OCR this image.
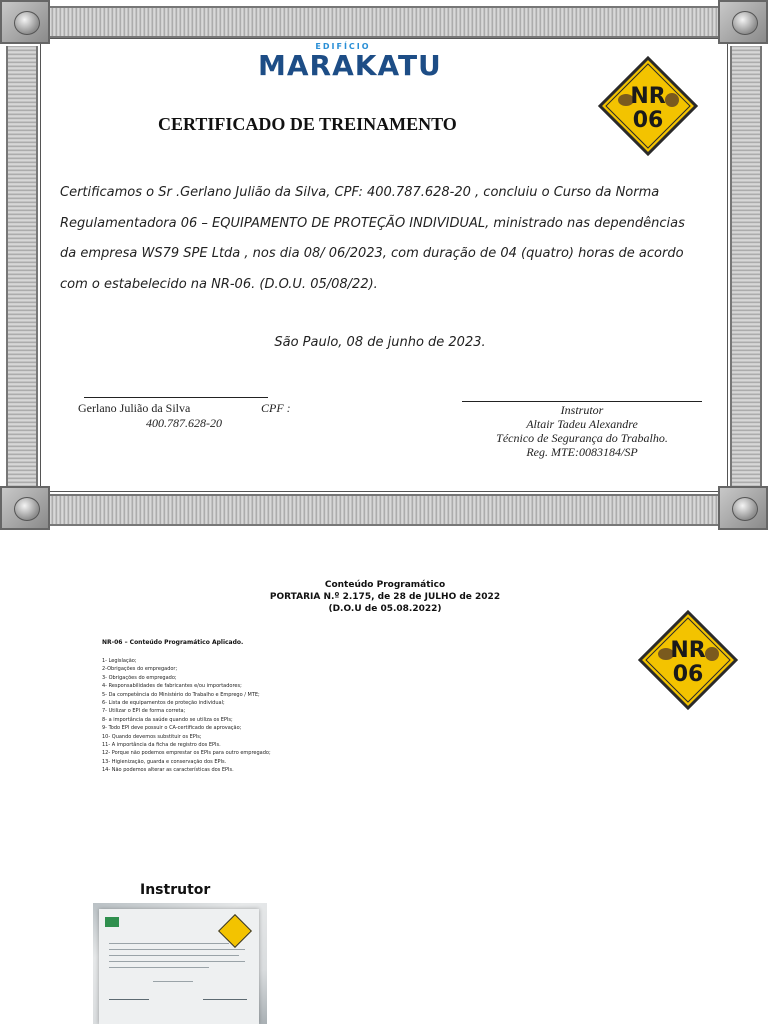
EDIFÍCIO
MARAKATU
NR
06
CERTIFICADO DE TREINAMENTO
Certificamos o Sr .Gerlano Julião da Silva, CPF: 400.787.628-20 , concluiu o Curso da Norma
Regulamentadora 06 – EQUIPAMENTO DE PROTEÇÃO INDIVIDUAL, ministrado nas dependências
da empresa WS79 SPE Ltda , nos dia 08/ 06/2023, com duração de 04 (quatro) horas de acordo
com o estabelecido na NR-06. (D.O.U. 05/08/22).
São Paulo, 08 de junho de 2023.
Gerlano Julião da Silva	CPF :
400.787.628-20
Instrutor
Altair Tadeu Alexandre
Técnico de Segurança do Trabalho.
Reg. MTE:0083184/SP
Conteúdo Programático
PORTARIA N.º 2.175, de 28 de JULHO de 2022
(D.O.U de 05.08.2022)
NR
06
NR-06 – Conteúdo Programático Aplicado.
1- Legislação;
2-Obrigações do empregador;
3- Obrigações do empregado;
4- Responsabilidades de fabricantes e/ou importadores;
5- Da competência do Ministério do Trabalho e Emprego / MTE;
6- Lista de equipamentos de proteção individual;
7- Utilizar o EPI de forma correta;
8- a importância da saúde quando se utiliza os EPIs;
9- Todo EPI deve possuir o CA-certificado de aprovação;
10- Quando devemos substituir os EPIs;
11- A importância da ficha de registro dos EPIs.
12- Porque não podemos emprestar os EPIs para outro empregado;
13- Higienização, guarda e conservação dos EPIs.
14- Não podemos alterar as características dos EPIs.
Instrutor
